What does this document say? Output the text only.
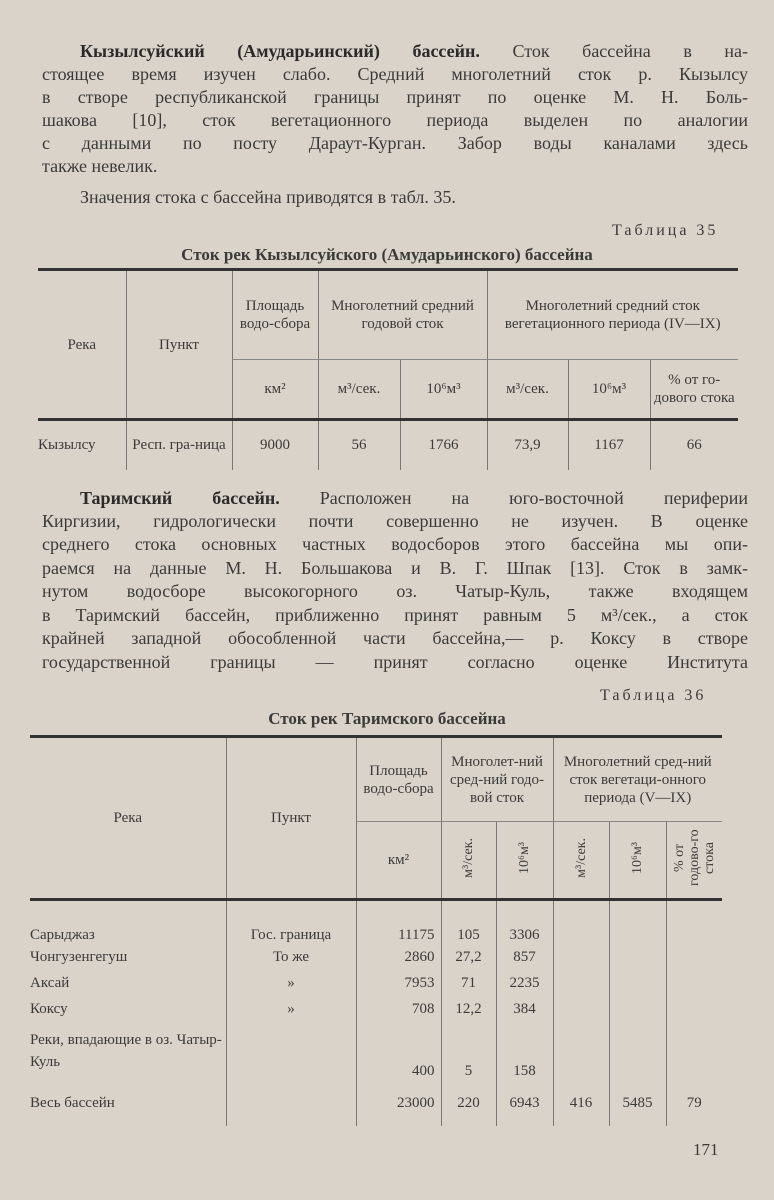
Кызылсуйский (Амударьинский) бассейн. Сток бассейна в на-
стоящее время изучен слабо. Средний многолетний сток р. Кызылсу
в створе республиканской границы принят по оценке М. Н. Боль-
шакова [10], сток вегетационного периода выделен по аналогии
с данными по посту Дараут-Курган. Забор воды каналами здесь
также невелик.
Значения стока с бассейна приводятся в табл. 35.
Таблица 35
Сток рек Кызылсуйского (Амударьинского) бассейна
Река	Пункт	Площадь водо-сбора	Многолетний средний годовой сток		Многолетний средний сток вегетационного периода (IV—IX)		
		км²	м³/сек.	10⁶м³	м³/сек.	10⁶м³	% от го-дового стока
Кызылсу	Респ. гра-ница	9000	56	1766	73,9	1167	66
Таримский бассейн. Расположен на юго-восточной периферии
Киргизии, гидрологически почти совершенно не изучен. В оценке
среднего стока основных частных водосборов этого бассейна мы опи-
раемся на данные М. Н. Большакова и В. Г. Шпак [13]. Сток в замк-
нутом водосборе высокогорного оз. Чатыр-Куль, также входящем
в Таримский бассейн, приближенно принят равным 5 м³/сек., а сток
крайней западной обособленной части бассейна,— р. Коксу в створе
государственной границы — принят согласно оценке Института
Таблица 36
Сток рек Таримского бассейна
Река	Пункт	Площадь водо-сбора	Многолет-ний сред-ний годо-вой сток		Многолетний сред-ний сток вегетаци-онного периода (V—IX)		
		км²	м³/сек.	10⁶м³	м³/сек.	10⁶м³	% от годово-го стока
Сарыджаз	Гос. граница	11175	105	3306			
Чонгузенгегуш	То же	2860	27,2	857			
Аксай	»	7953	71	2235			
Коксу	»	708	12,2	384			
Реки, впадающие в оз. Чатыр-Куль		400	5	158			
Весь бассейн		23000	220	6943	416	5485	79
171
